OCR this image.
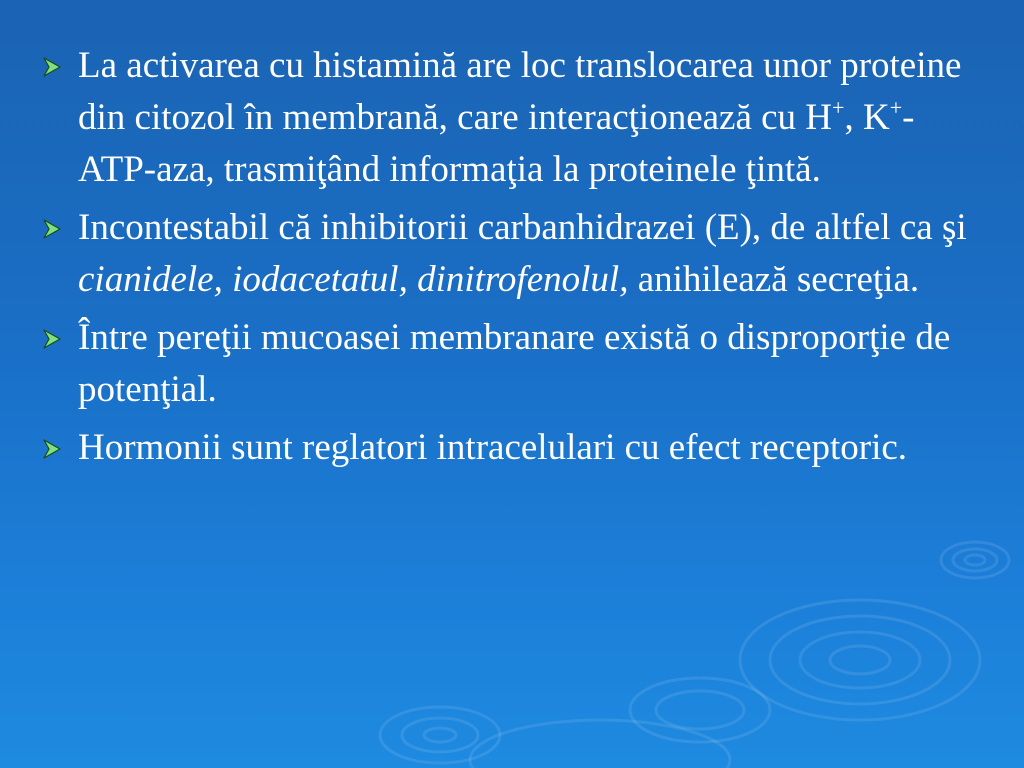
La activarea cu histamină are loc translocarea unor proteine din citozol în membrană, care interacţionează cu H+, K+- ATP-aza, trasmiţând informaţia la proteinele ţintă.
Incontestabil că inhibitorii carbanhidrazei (E), de altfel ca şi cianidele, iodacetatul, dinitrofenolul, anihilează secreţia.
Între pereţii mucoasei membranare există o disproporţie de potenţial.
Hormonii sunt reglatori intracelulari cu efect receptoric.
